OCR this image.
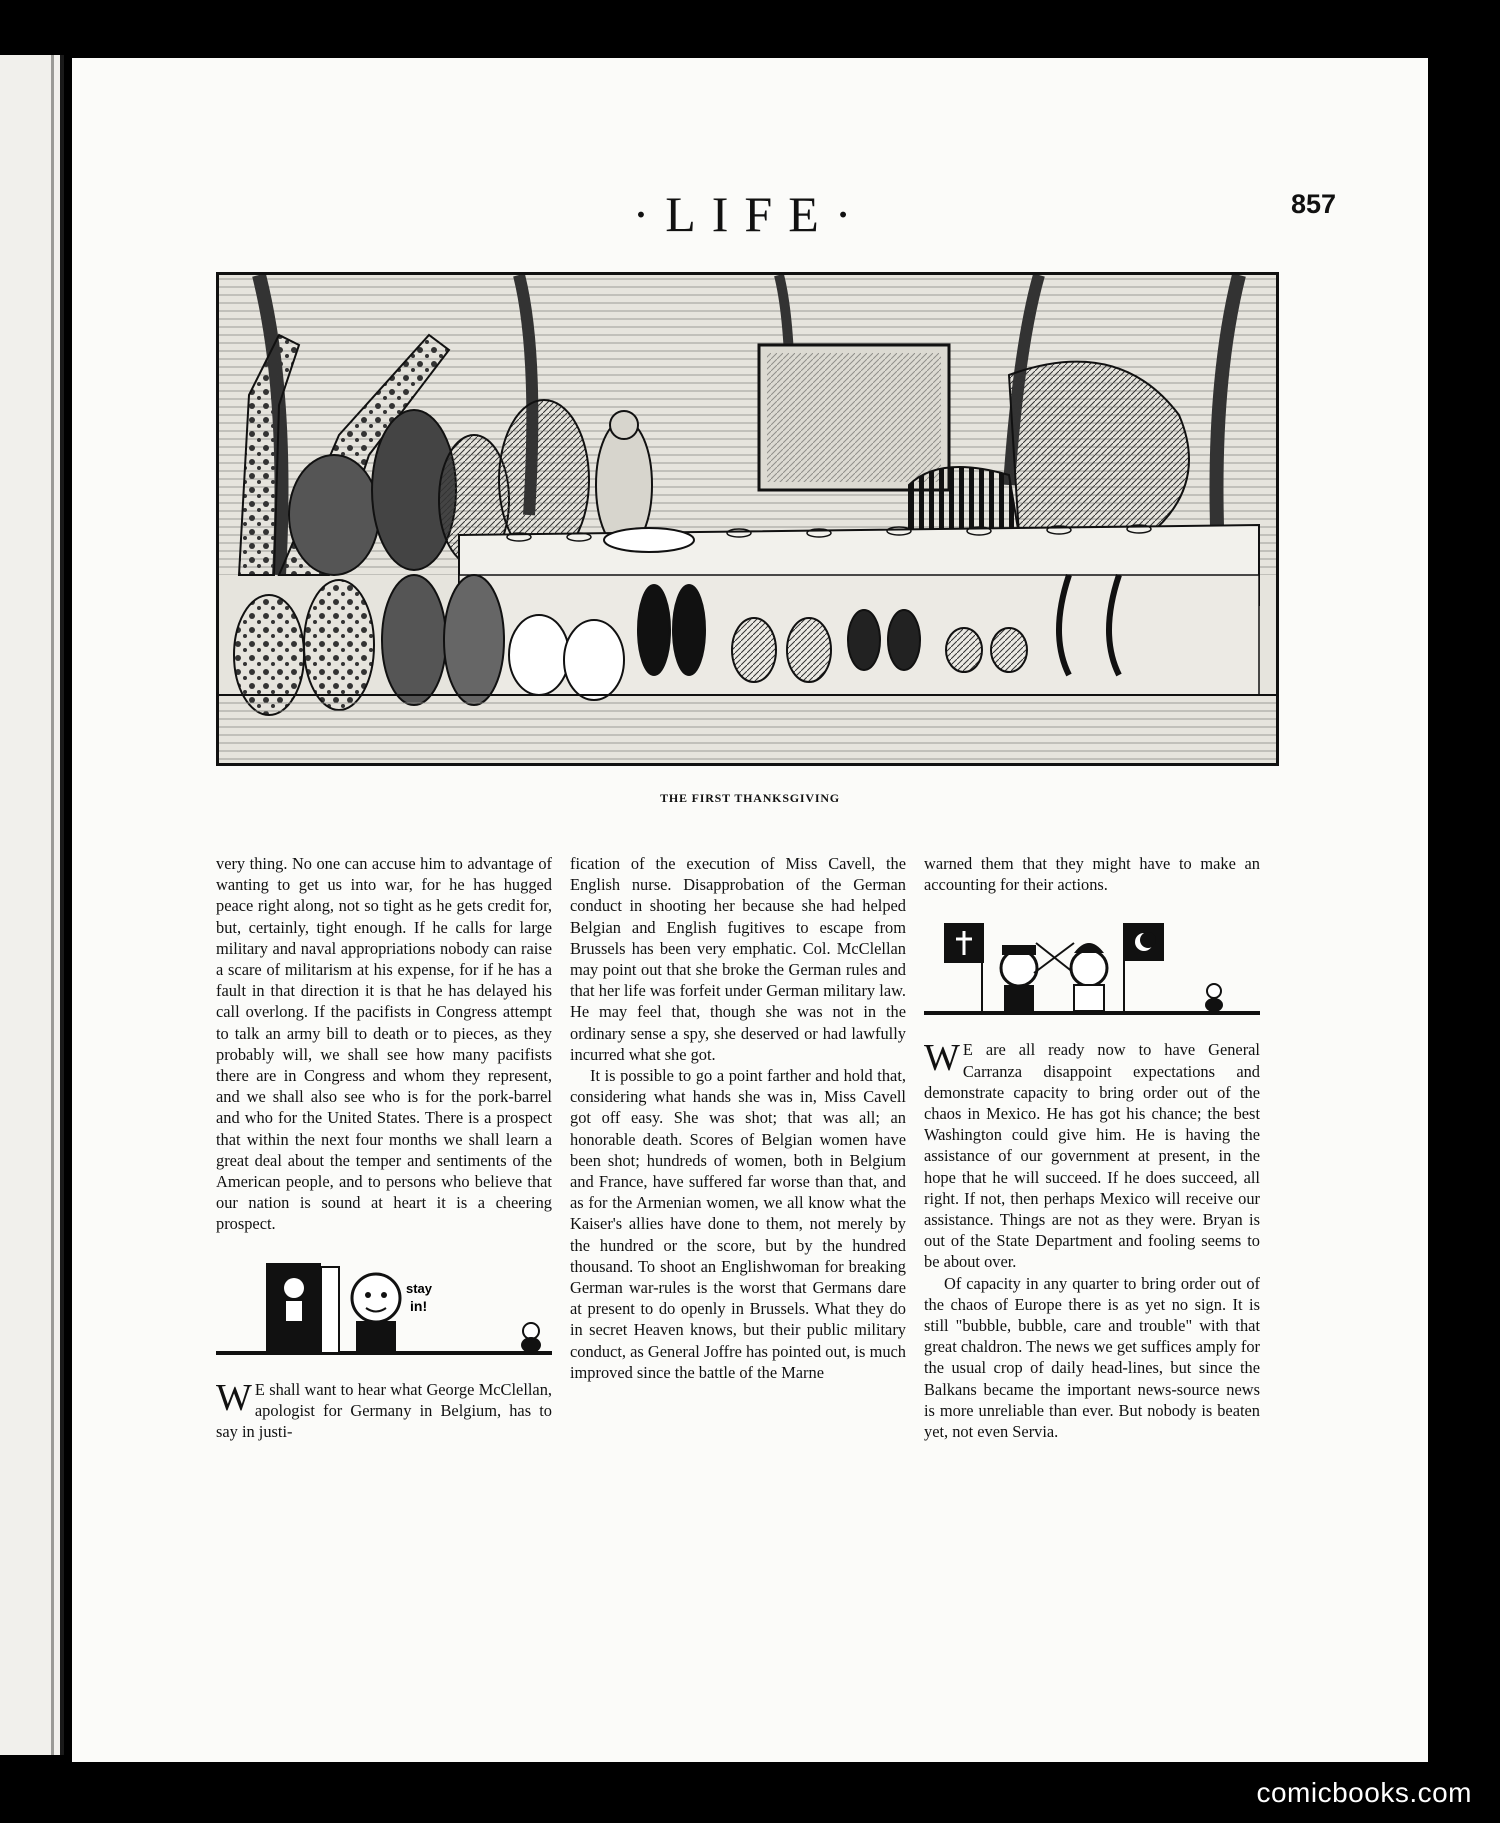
·LIFE·	857
THE FIRST THANKSGIVING

very thing. No one can accuse him to advantage of wanting to get us into war, for he has hugged peace right along, not so tight as he gets credit for, but, certainly, tight enough. If he calls for large military and naval appropriations nobody can raise a scare of militarism at his expense, for if he has a fault in that direction it is that he has delayed his call overlong. If the pacifists in Congress attempt to talk an army bill to death or to pieces, as they probably will, we shall see how many pacifists there are in Congress and whom they represent, and we shall also see who is for the pork-barrel and who for the United States. There is a prospect that within the next four months we shall learn a great deal about the temper and sentiments of the American people, and to persons who believe that our nation is sound at heart it is a cheering prospect.

stay
in!

W E shall want to hear what George McClellan, apologist for Germany in Belgium, has to say in justi-

fication of the execution of Miss Cavell, the English nurse. Disapprobation of the German conduct in shooting her because she had helped Belgian and English fugitives to escape from Brussels has been very emphatic. Col. McClellan may point out that she broke the German rules and that her life was forfeit under German military law. He may feel that, though she was not in the ordinary sense a spy, she deserved or had lawfully incurred what she got.

It is possible to go a point farther and hold that, considering what hands she was in, Miss Cavell got off easy. She was shot; that was all; an honorable death. Scores of Belgian women have been shot; hundreds of women, both in Belgium and France, have suffered far worse than that, and as for the Armenian women, we all know what the Kaiser's allies have done to them, not merely by the hundred or the score, but by the hundred thousand. To shoot an Englishwoman for breaking German war-rules is the worst that Germans dare at present to do openly in Brussels. What they do in secret Heaven knows, but their public military conduct, as General Joffre has pointed out, is much improved since the battle of the Marne

warned them that they might have to make an accounting for their actions.

W E are all ready now to have General Carranza disappoint expectations and demonstrate capacity to bring order out of the chaos in Mexico. He has got his chance; the best Washington could give him. He is having the assistance of our government at present, in the hope that he will succeed. If he does succeed, all right. If not, then perhaps Mexico will receive our assistance. Things are not as they were. Bryan is out of the State Department and fooling seems to be about over.

Of capacity in any quarter to bring order out of the chaos of Europe there is as yet no sign. It is still "bubble, bubble, care and trouble" with that great chaldron. The news we get suffices amply for the usual crop of daily head-lines, but since the Balkans became the important news-source news is more unreliable than ever. But nobody is beaten yet, not even Servia.

comicbooks.com
